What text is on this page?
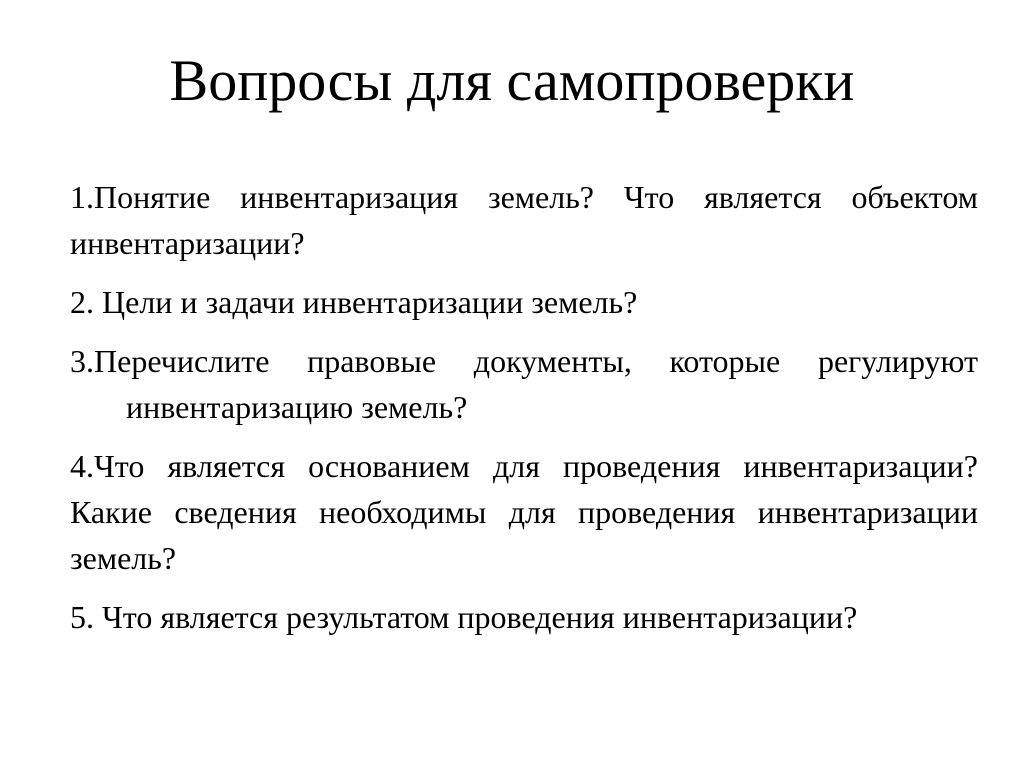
Вопросы для самопроверки
1.Понятие инвентаризация земель? Что является объектом инвентаризации?
2. Цели и задачи инвентаризации земель?
3.Перечислите правовые документы, которые регулируют инвентаризацию земель?
4.Что является основанием для проведения инвентаризации? Какие сведения необходимы для проведения инвентаризации земель?
5. Что является результатом проведения инвентаризации?
